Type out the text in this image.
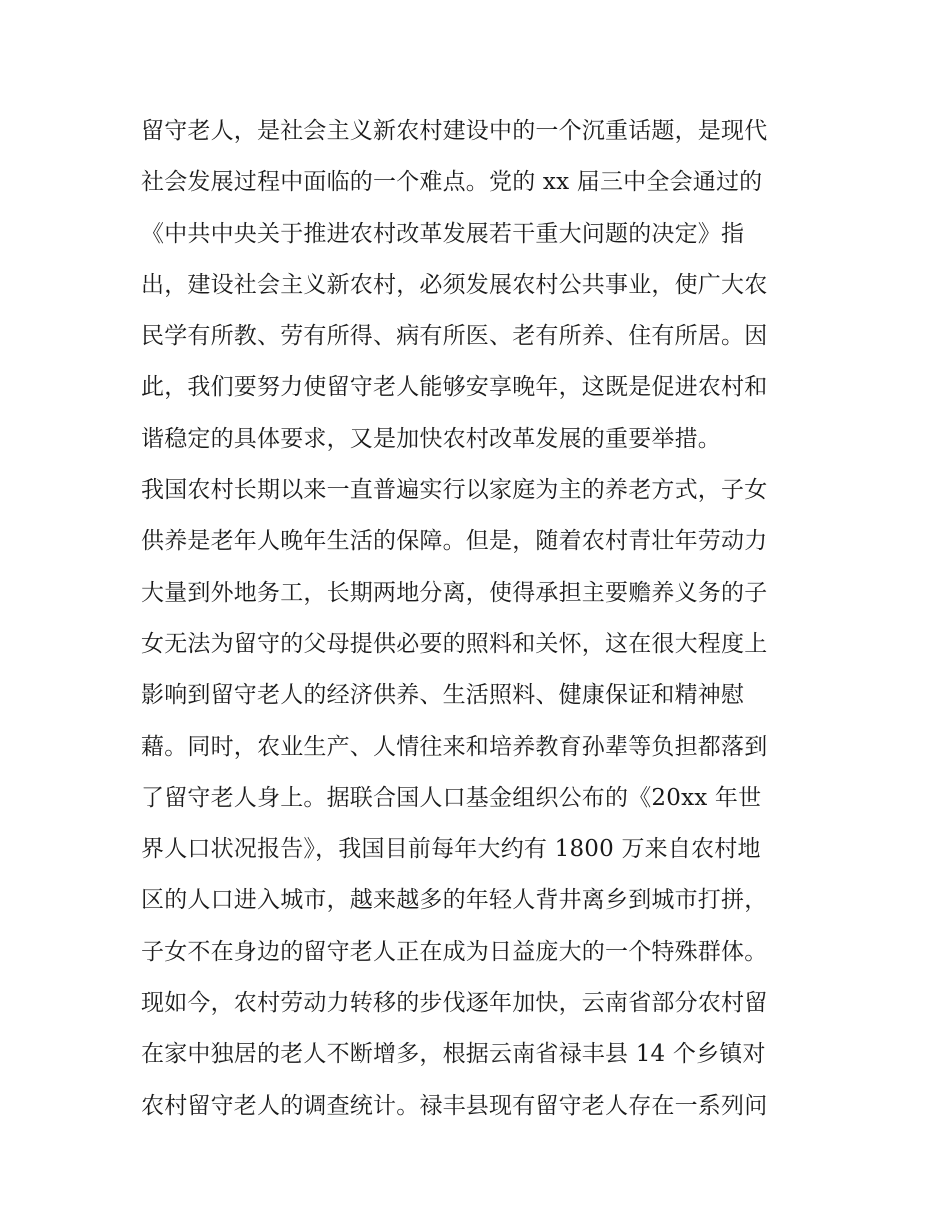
留守老人，是社会主义新农村建设中的一个沉重话题，是现代
社会发展过程中面临的一个难点。党的 xx 届三中全会通过的
《中共中央关于推进农村改革发展若干重大问题的决定》指
出，建设社会主义新农村，必须发展农村公共事业，使广大农
民学有所教、劳有所得、病有所医、老有所养、住有所居。因
此，我们要努力使留守老人能够安享晚年，这既是促进农村和
谐稳定的具体要求，又是加快农村改革发展的重要举措。
我国农村长期以来一直普遍实行以家庭为主的养老方式，子女
供养是老年人晚年生活的保障。但是，随着农村青壮年劳动力
大量到外地务工，长期两地分离，使得承担主要赡养义务的子
女无法为留守的父母提供必要的照料和关怀，这在很大程度上
影响到留守老人的经济供养、生活照料、健康保证和精神慰
藉。同时，农业生产、人情往来和培养教育孙辈等负担都落到
了留守老人身上。据联合国人口基金组织公布的《20xx 年世
界人口状况报告》，我国目前每年大约有 1800 万来自农村地
区的人口进入城市，越来越多的年轻人背井离乡到城市打拼，
子女不在身边的留守老人正在成为日益庞大的一个特殊群体。
现如今，农村劳动力转移的步伐逐年加快，云南省部分农村留
在家中独居的老人不断增多，根据云南省禄丰县 14 个乡镇对
农村留守老人的调查统计。禄丰县现有留守老人存在一系列问
